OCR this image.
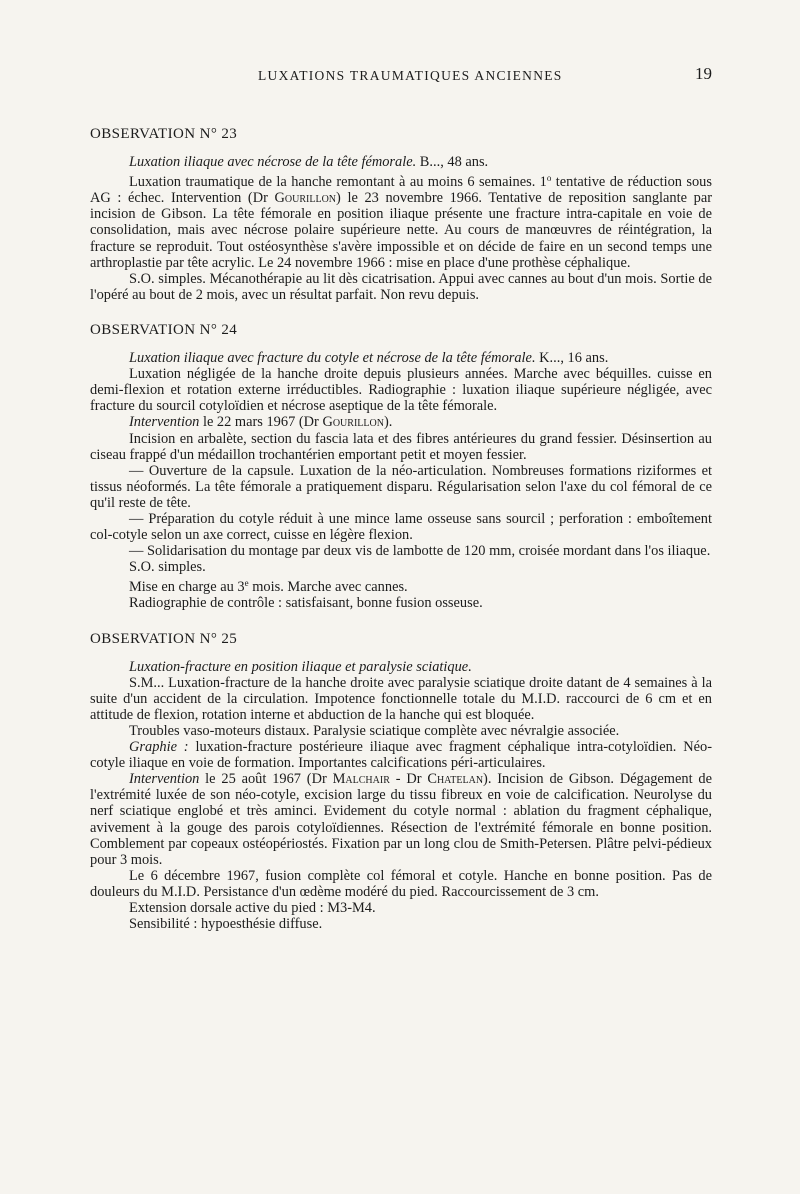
LUXATIONS TRAUMATIQUES ANCIENNES	19
OBSERVATION N° 23

Luxation iliaque avec nécrose de la tête fémorale. B..., 48 ans.

Luxation traumatique de la hanche remontant à au moins 6 semaines. 1$^o$ tentative de réduction sous AG : échec. Intervention (Dr Gourillon) le 23 novembre 1966. Tentative de reposition sanglante par incision de Gibson. La tête fémorale en position iliaque présente une fracture intra-capitale en voie de consolidation, mais avec nécrose polaire supérieure nette. Au cours de manœuvres de réintégration, la fracture se reproduit. Tout ostéosynthèse s'avère impossible et on décide de faire en un second temps une arthroplastie par tête acrylic. Le 24 novembre 1966 : mise en place d'une prothèse céphalique.

S.O. simples. Mécanothérapie au lit dès cicatrisation. Appui avec cannes au bout d'un mois. Sortie de l'opéré au bout de 2 mois, avec un résultat parfait. Non revu depuis.

OBSERVATION N° 24

Luxation iliaque avec fracture du cotyle et nécrose de la tête fémorale. K..., 16 ans.

Luxation négligée de la hanche droite depuis plusieurs années. Marche avec béquilles. cuisse en demi-flexion et rotation externe irréductibles. Radiographie : luxation iliaque supérieure négligée, avec fracture du sourcil cotyloïdien et nécrose aseptique de la tête fémorale.

Intervention le 22 mars 1967 (Dr Gourillon).

Incision en arbalète, section du fascia lata et des fibres antérieures du grand fessier. Désinsertion au ciseau frappé d'un médaillon trochantérien emportant petit et moyen fessier.

— Ouverture de la capsule. Luxation de la néo-articulation. Nombreuses formations riziformes et tissus néoformés. La tête fémorale a pratiquement disparu. Régularisation selon l'axe du col fémoral de ce qu'il reste de tête.

— Préparation du cotyle réduit à une mince lame osseuse sans sourcil ; perforation : emboîtement col-cotyle selon un axe correct, cuisse en légère flexion.

— Solidarisation du montage par deux vis de lambotte de 120 mm, croisée mordant dans l'os iliaque.

S.O. simples.

Mise en charge au 3e mois. Marche avec cannes.

Radiographie de contrôle : satisfaisant, bonne fusion osseuse.

OBSERVATION N° 25

Luxation-fracture en position iliaque et paralysie sciatique.

S.M... Luxation-fracture de la hanche droite avec paralysie sciatique droite datant de 4 semaines à la suite d'un accident de la circulation. Impotence fonctionnelle totale du M.I.D. raccourci de 6 cm et en attitude de flexion, rotation interne et abduction de la hanche qui est bloquée.

Troubles vaso-moteurs distaux. Paralysie sciatique complète avec névralgie associée.

Graphie : luxation-fracture postérieure iliaque avec fragment céphalique intra-cotyloïdien. Néo-cotyle iliaque en voie de formation. Importantes calcifications péri-articulaires.

Intervention le 25 août 1967 (Dr Malchair - Dr Chatelan). Incision de Gibson. Dégagement de l'extrémité luxée de son néo-cotyle, excision large du tissu fibreux en voie de calcification. Neurolyse du nerf sciatique englobé et très aminci. Evidement du cotyle normal : ablation du fragment céphalique, avivement à la gouge des parois cotyloïdiennes. Résection de l'extrémité fémorale en bonne position. Comblement par copeaux ostéopériostés. Fixation par un long clou de Smith-Petersen. Plâtre pelvi-pédieux pour 3 mois.

Le 6 décembre 1967, fusion complète col fémoral et cotyle. Hanche en bonne position. Pas de douleurs du M.I.D. Persistance d'un œdème modéré du pied. Raccourcissement de 3 cm.

Extension dorsale active du pied : M3-M4.

Sensibilité : hypoesthésie diffuse.
